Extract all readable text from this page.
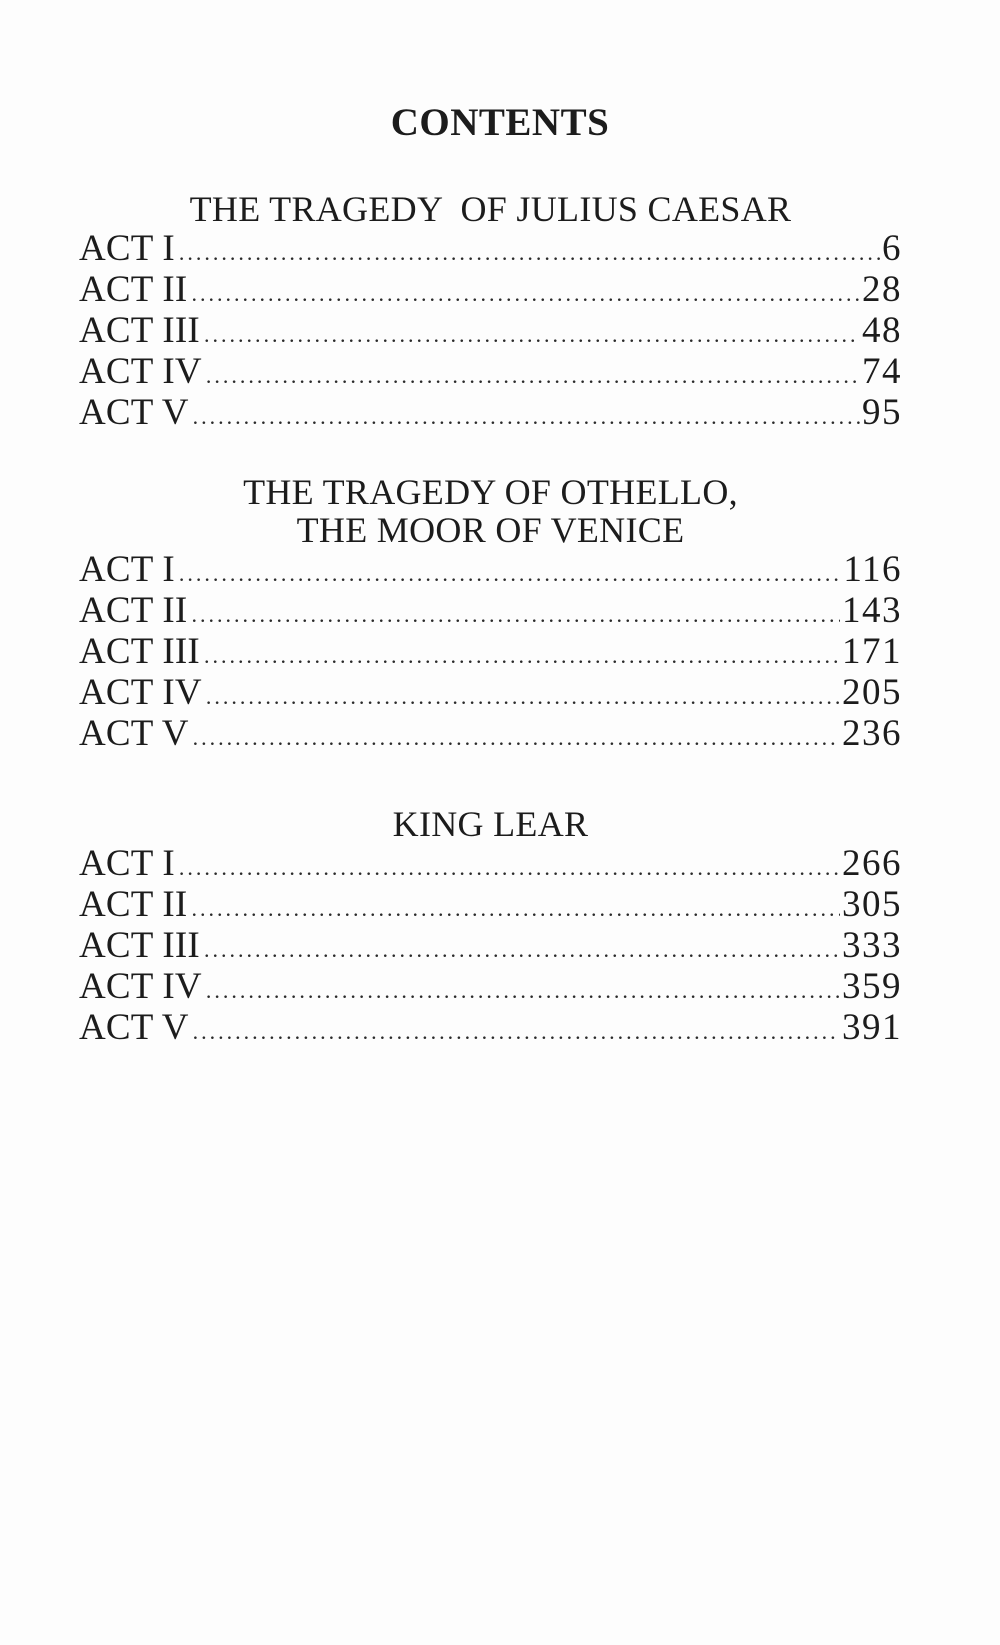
CONTENTS
THE TRAGEDY  OF JULIUS CAESAR
ACT I .....	6
ACT II .....	28
ACT III .....	48
ACT IV .....	74
ACT V .....	95
THE TRAGEDY OF OTHELLO,
THE MOOR OF VENICE
ACT I .....	116
ACT II .....	143
ACT III .....	171
ACT IV .....	205
ACT V .....	236
KING LEAR
ACT I .....	266
ACT II .....	305
ACT III .....	333
ACT IV .....	359
ACT V .....	391
